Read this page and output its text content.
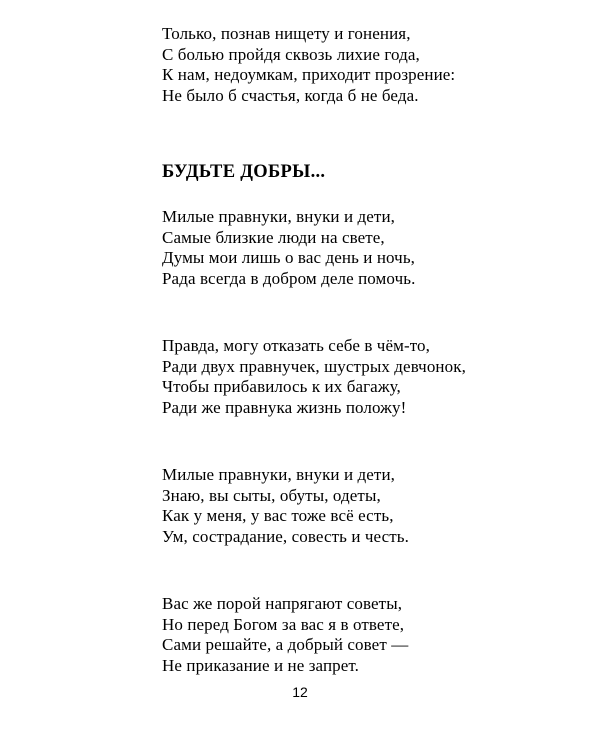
Только, познав нищету и гонения,
С болью пройдя сквозь лихие года,
К нам, недоумкам, приходит прозрение:
Не было б счастья, когда б не беда.
БУДЬТЕ ДОБРЫ...
Милые правнуки, внуки и дети,
Самые близкие люди на свете,
Думы мои лишь о вас день и ночь,
Рада всегда в добром деле помочь.
Правда, могу отказать себе в чём-то,
Ради двух правнучек, шустрых девчонок,
Чтобы прибавилось к их багажу,
Ради же правнука жизнь положу!
Милые правнуки, внуки и дети,
Знаю, вы сыты, обуты, одеты,
Как у меня, у вас тоже всё есть,
Ум, сострадание, совесть и честь.
Вас же порой напрягают советы,
Но перед Богом за вас я в ответе,
Сами решайте, а добрый совет —
Не приказание и не запрет.
12
